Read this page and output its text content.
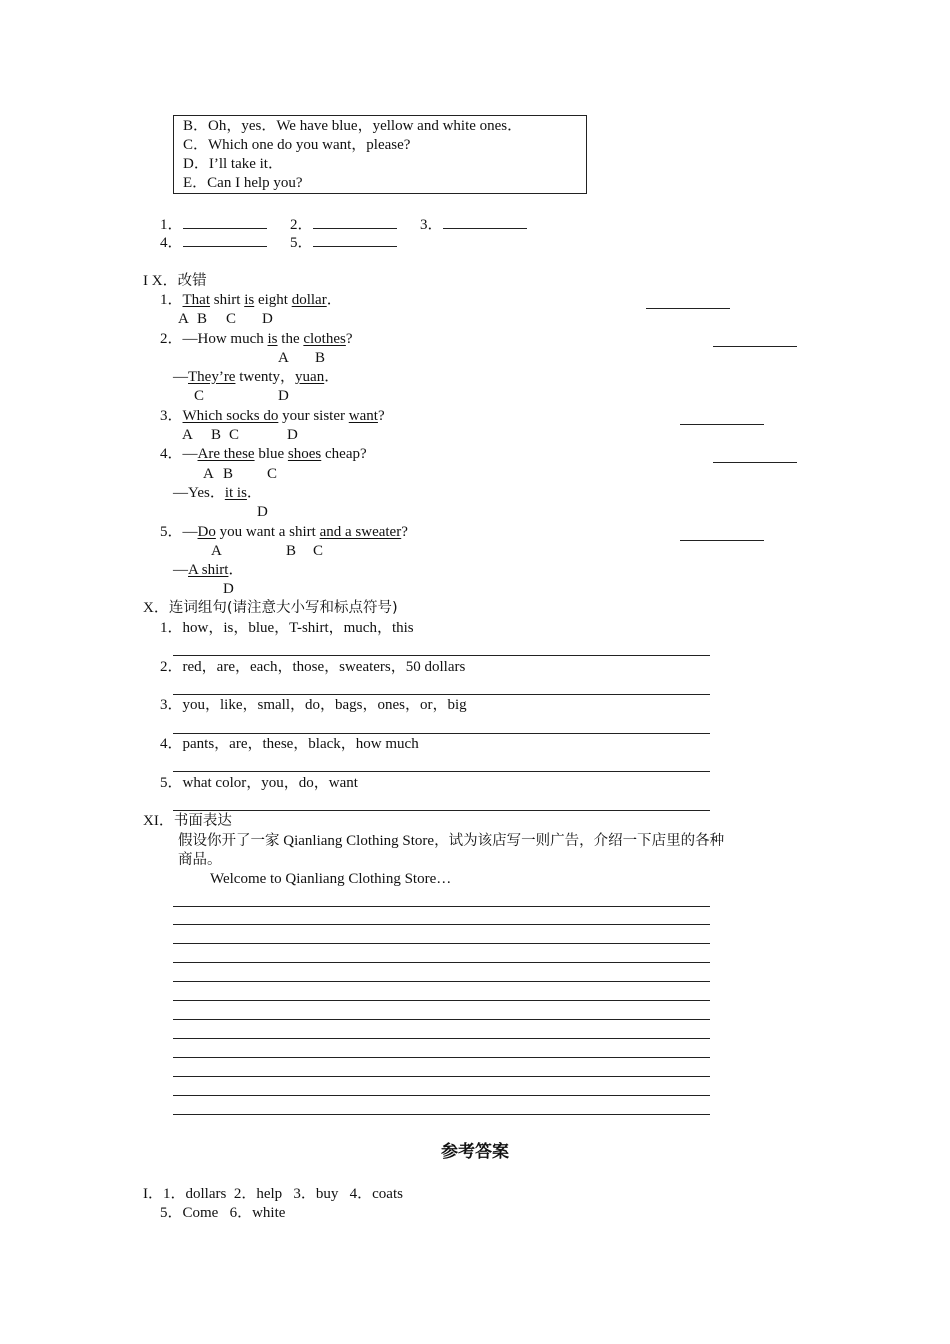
B．Oh，yes．We have blue，yellow and white ones．
C．Which one do you want，please?
D．I’ll take it．
E．Can I help you?
1．	2．	3．
4．	5．
I X．改错
1．That shirt is eight dollar．
A B C D
2．—How much is the clothes?
A B
—They’re twenty，yuan．
C	D
3．Which socks do your sister want?
A B C	D
4．—Are these blue shoes cheap?
A B C
—Yes．it is．
D
5．—Do you want a shirt and a sweater?
A	B C
—A shirt．
D
X．连词组句(请注意大小写和标点符号)
1．how，is，blue，T-shirt，much，this
2．red，are，each，those，sweaters，50 dollars
3．you，like，small，do，bags，ones，or，big
4．pants，are，these，black，how much
5．what color，you，do，want
XI．书面表达
假设你开了一家 Qianliang Clothing Store，试为该店写一则广告，介绍一下店里的各种
商品。
Welcome to Qianliang Clothing Store…
参考答案
I．1．dollars  2．help   3．buy   4．coats
5．Come   6．white
